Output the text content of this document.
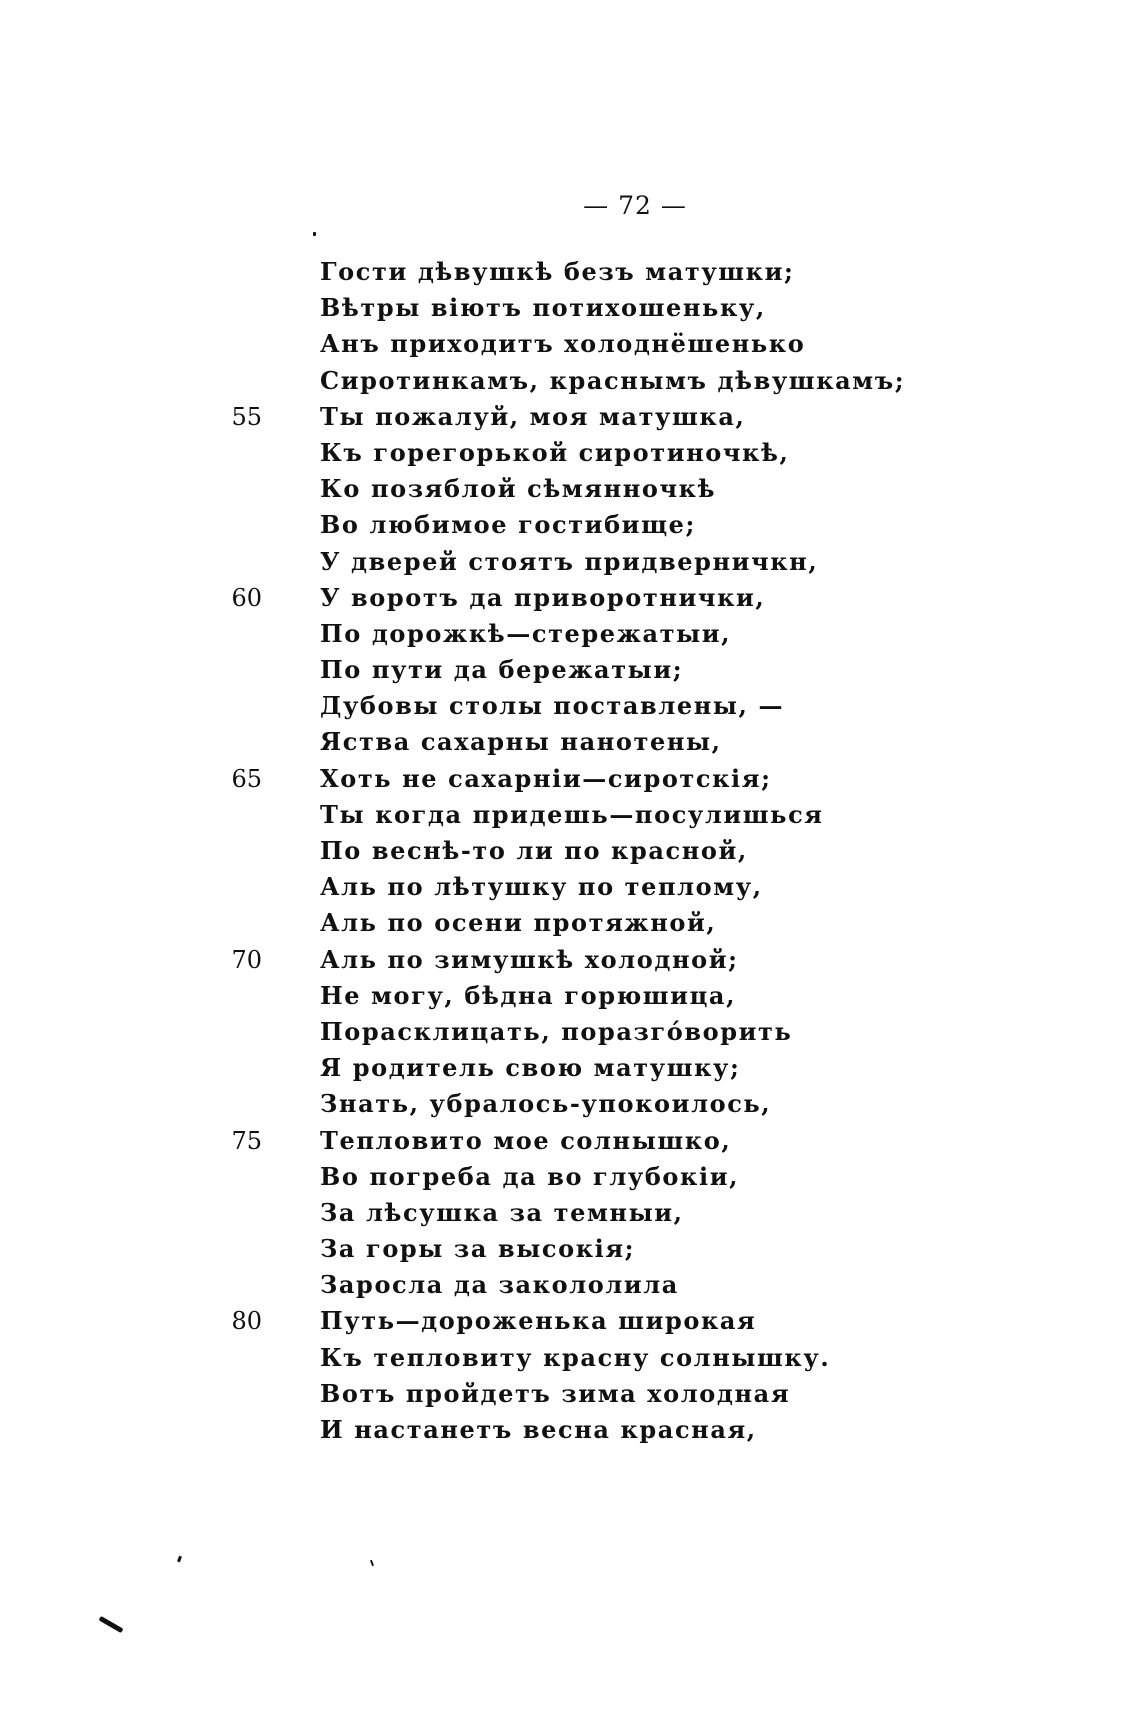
— 72 —
Гости дѣвушкѣ безъ матушки;
Вѣтры віютъ потихошеньку,
Анъ приходитъ холоднёшенько
Сиротинкамъ, краснымъ дѣвушкамъ;
55 Ты пожалуй, моя матушка,
Къ горегорькой сиротиночкѣ,
Ко позяблой сѣмянночкѣ
Во любимое гостибище;
У дверей стоятъ придверничкн,
60 У воротъ да приворотнички,
По дорожкѣ—стережатыи,
По пути да бережатыи;
Дубовы столы поставлены, —
Яства сахарны нанотены,
65 Хоть не сахарніи—сиротскія;
Ты когда придешь—посулишься
По веснѣ-то ли по красной,
Аль по лѣтушку по теплому,
Аль по осени протяжной,
70 Аль по зимушкѣ холодной;
Не могу, бѣдна горюшица,
Порасклицать, поразго́ворить
Я родитель свою матушку;
Знать, убралось-упокоилось,
75 Тепловито мое солнышко,
Во погреба да во глубокіи,
За лѣсушка за темныи,
За горы за высокія;
Заросла да закололила
80 Путь—дороженька широкая
Къ тепловиту красну солнышку.
Вотъ пройдетъ зима холодная
И настанетъ весна красная,
